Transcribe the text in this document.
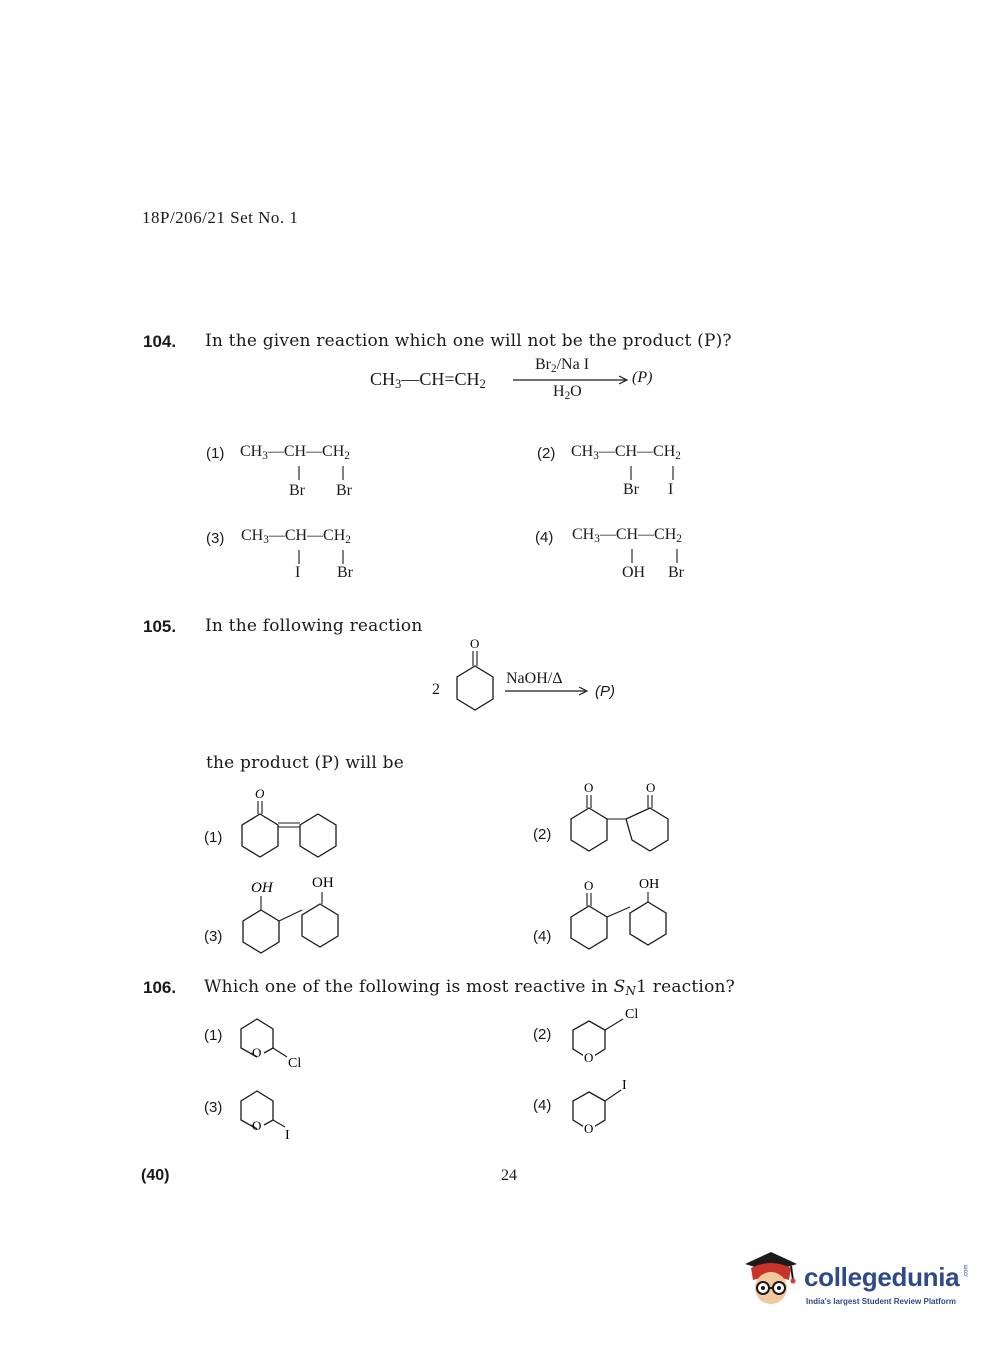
18P/206/21 Set No. 1
104. In the given reaction which one will not be the product (P)?
$CH_3—CH=CH_2$
$Br_2/Na$ I
$H_2O$
(P)
(1) $CH_3—CH—CH_2$
Br Br
(2) $CH_3—CH—CH_2$
Br I
(3) $CH_3—CH—CH_2$
I Br
(4) $CH_3—CH—CH_2$
OH Br
105. In the following reaction
2
O
NaOH/Δ
(P)
the product (P) will be
(1)
O
(2)
O	O
(3)
OH	OH
(4)
O	OH
106. Which one of the following is most reactive in $S_N1$ reaction?
(1)
O
Cl
(2)
O
Cl
(3)
O
I
(4)
O
I
(40)	24
collegedunia .com
India's largest Student Review Platform
